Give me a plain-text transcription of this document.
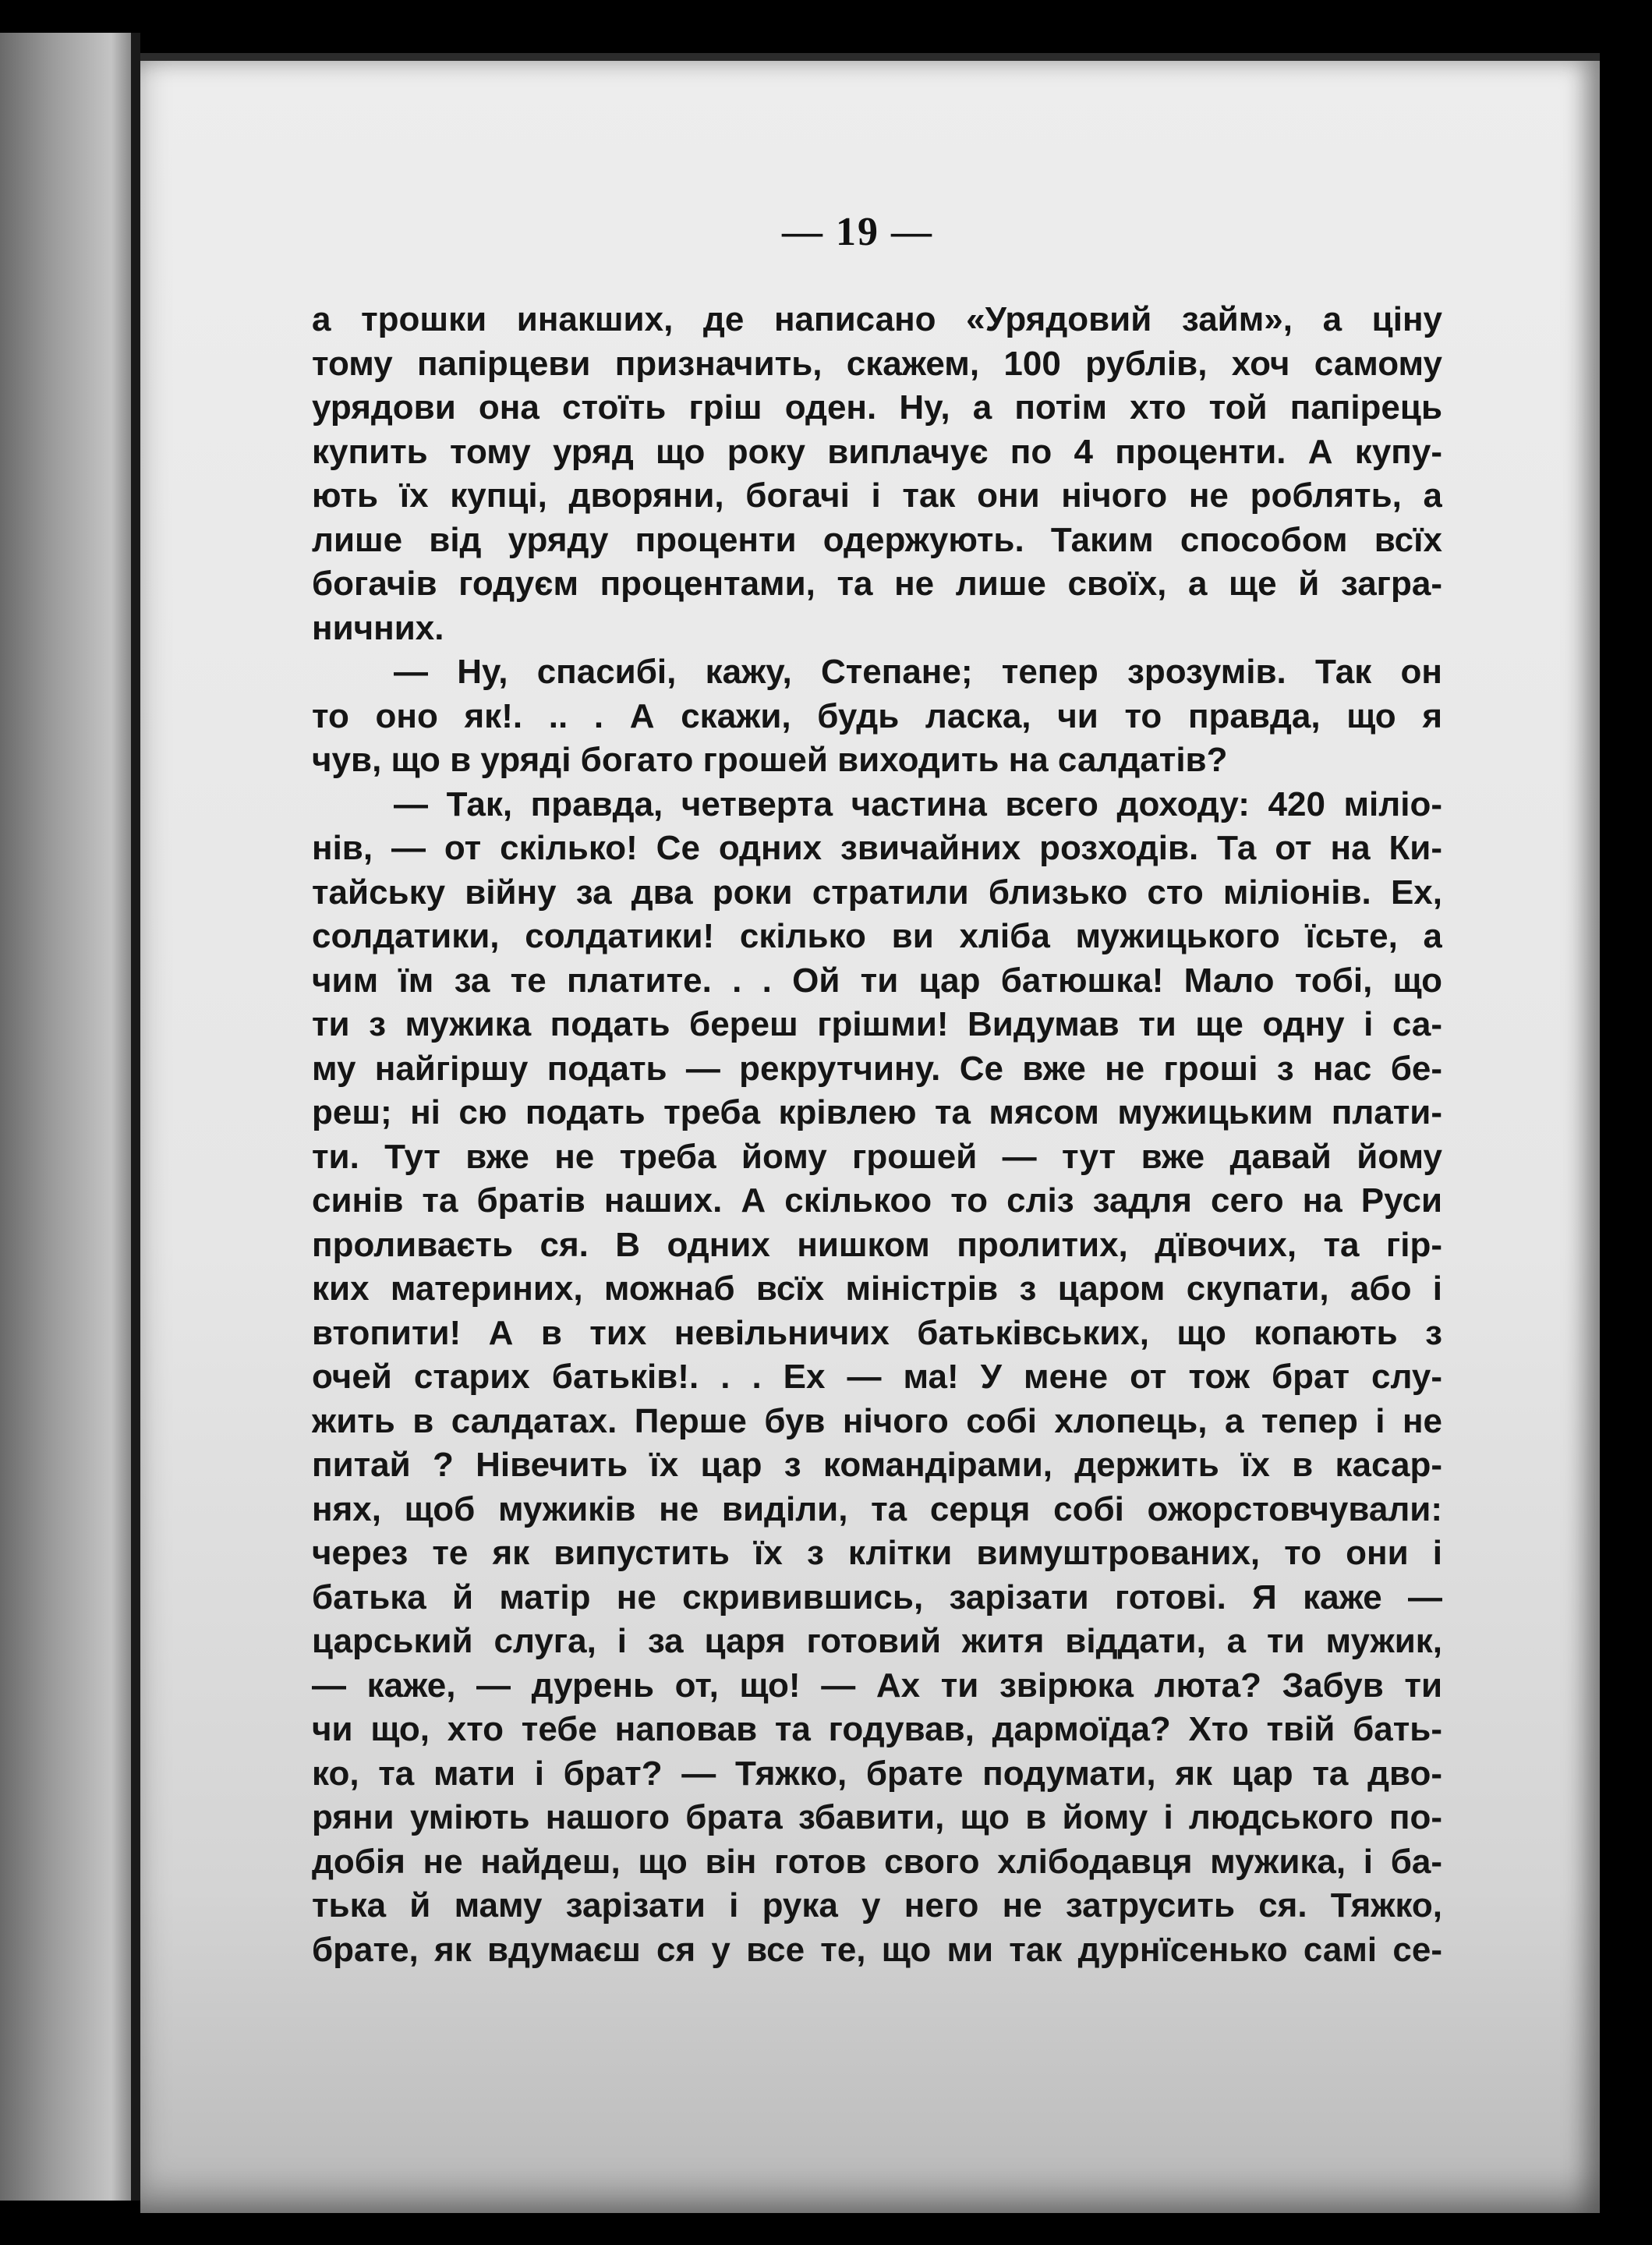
— 19 —
а трошки инакших, де написано «Урядовий займ», а ціну
тому папірцеви призначить, скажем, 100 рублів, хоч самому
урядови она стоїть гріш оден. Ну, а потім хто той папірець
купить тому уряд що року виплачує по 4 проценти. А купу-
ють їх купці, дворяни, богачі і так они нічого не роблять, а
лише від уряду проценти одержують. Таким способом всїх
богачів годуєм процентами, та не лише своїх, а ще й загра-
ничних.
— Ну, спасибі, кажу, Степане; тепер зрозумів. Так он
то оно як!. .. . А скажи, будь ласка, чи то правда, що я
чув, що в уряді богато грошей виходить на салдатів?
— Так, правда, четверта частина всего доходу: 420 міліо-
нів, — от скілько! Се одних звичайних розходів. Та от на Ки-
тайську війну за два роки стратили близько сто міліонів. Ех,
солдатики, солдатики! скілько ви хліба мужицького їсьте, а
чим їм за те платите. . . Ой ти цар батюшка! Мало тобі, що
ти з мужика подать береш грішми! Видумав ти ще одну і са-
му найгіршу подать — рекрутчину. Се вже не гроші з нас бе-
реш; ні сю подать треба крівлею та мясом мужицьким плати-
ти. Тут вже не треба йому грошей — тут вже давай йому
синів та братів наших. А скількоо то сліз задля сего на Руси
проливаєть ся. В одних нишком пролитих, дївочих, та гір-
ких материних, можнаб всїх міністрів з царом скупати, або і
втопити! А в тих невільничих батьківських, що копають з
очей старих батьків!. . . Ех — ма! У мене от тож брат слу-
жить в салдатах. Перше був нічого собі хлопець, а тепер і не
питай ? Нівечить їх цар з командірами, держить їх в касар-
нях, щоб мужиків не виділи, та серця собі ожорстовчували:
через те як випустить їх з клітки вимуштрованих, то они і
батька й матір не скривившись, зарізати готові. Я каже —
царський слуга, і за царя готовий житя віддати, а ти мужик,
— каже, — дурень от, що! — Ах ти звірюка люта? Забув ти
чи що, хто тебе наповав та годував, дармоїда? Хто твій бать-
ко, та мати і брат? — Тяжко, брате подумати, як цар та дво-
ряни уміють нашого брата збавити, що в йому і людського по-
добія не найдеш, що він готов свого хлібодавця мужика, і ба-
тька й маму зарізати і рука у него не затрусить ся. Тяжко,
брате, як вдумаєш ся у все те, що ми так дурнїсенько самі се-
